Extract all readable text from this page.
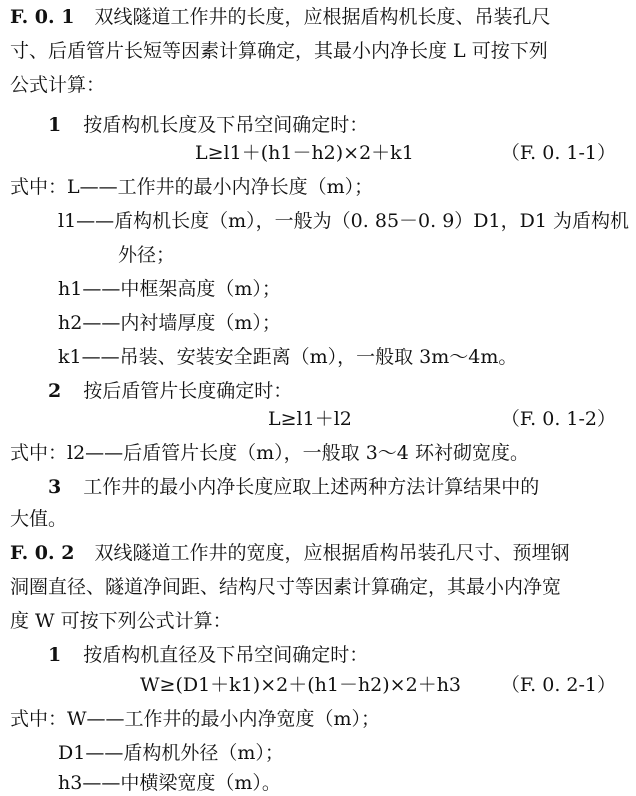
F. 0. 1 双线隧道工作井的长度，应根据盾构机长度、吊装孔尺
寸、后盾管片长短等因素计算确定，其最小内净长度 L 可按下列
公式计算：
1 按盾构机长度及下吊空间确定时：
L≥l1＋(h1－h2)×2＋k1	（F. 0. 1-1）
式中： L——工作井的最小内净长度（m）；
l1——盾构机长度（m），一般为（0. 85－0. 9）D1，D1 为盾构机
外径；
h1——中框架高度（m）；
h2——内衬墙厚度（m）；
k1——吊装、安装安全距离（m），一般取 3m～4m。
2 按后盾管片长度确定时：
L≥l1＋l2	（F. 0. 1-2）
式中：l2——后盾管片长度（m），一般取 3～4 环衬砌宽度。
3 工作井的最小内净长度应取上述两种方法计算结果中的
大值。
F. 0. 2 双线隧道工作井的宽度，应根据盾构吊装孔尺寸、预埋钢
洞圈直径、隧道净间距、结构尺寸等因素计算确定，其最小内净宽
度 W 可按下列公式计算：
1 按盾构机直径及下吊空间确定时：
W≥(D1＋k1)×2＋(h1－h2)×2＋h3 （F. 0. 2-1）
式中：W——工作井的最小内净宽度（m）；
D1——盾构机外径（m）；
h3——中横梁宽度（m）。
